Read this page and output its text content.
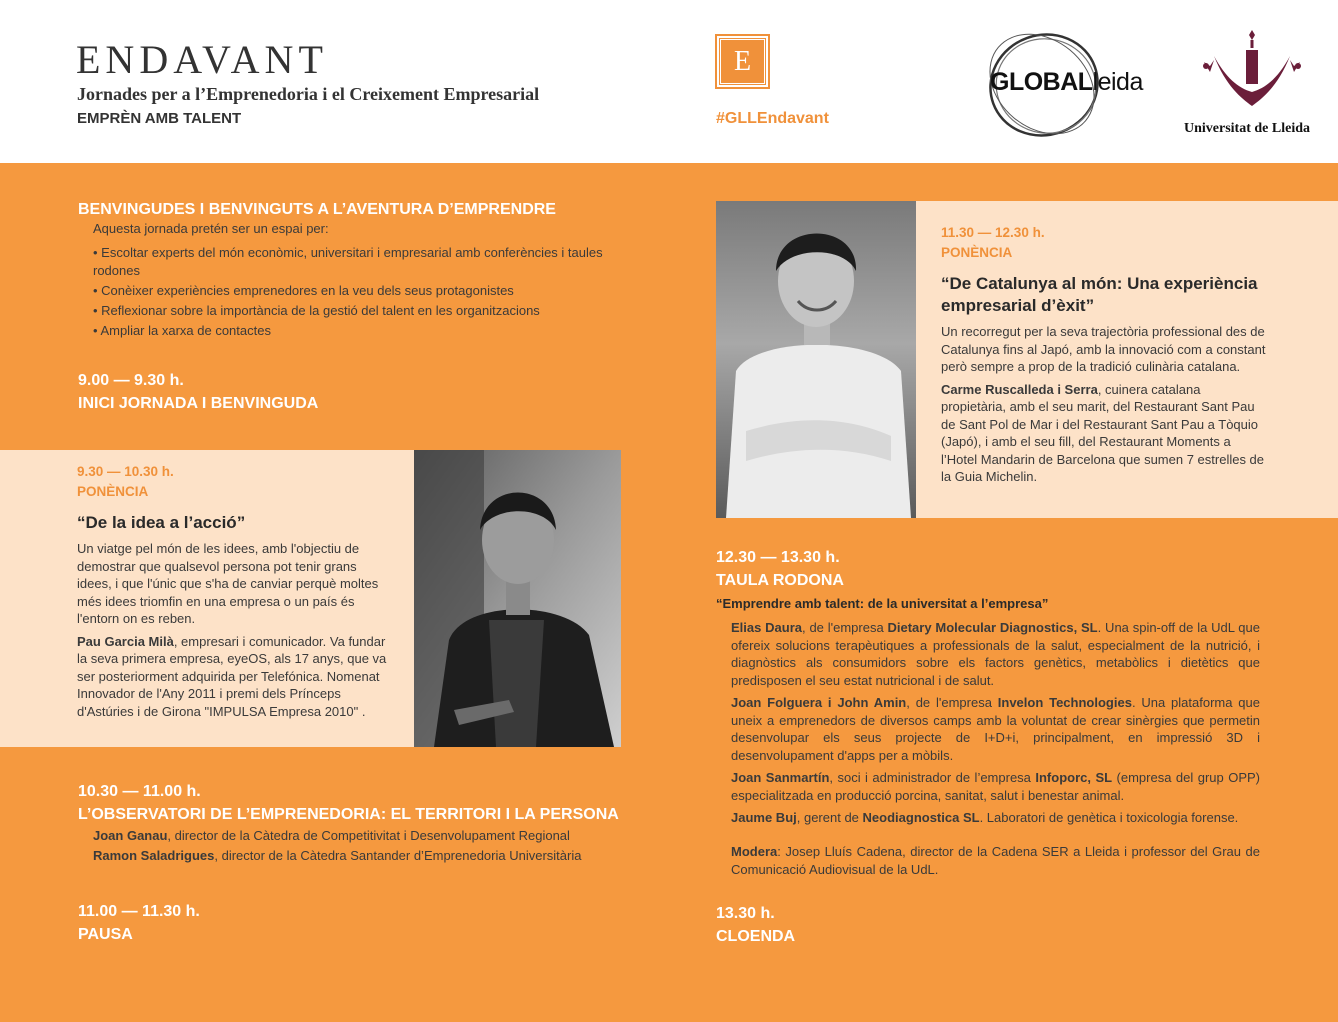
ENDAVANT
Jornades per a l’Emprenedoria i el Creixement Empresarial
EMPRÈN AMB TALENT
E
#GLLEndavant
GLOBALleida
Universitat de Lleida
BENVINGUDES I BENVINGUTS A L’AVENTURA D’EMPRENDRE
Aquesta jornada pretén ser un espai per:
• Escoltar experts del món econòmic, universitari i empresarial amb conferències i taules rodones
• Conèixer experiències emprenedores en la veu dels seus protagonistes
• Reflexionar sobre la importància de la gestió del talent en les organitzacions
• Ampliar la xarxa de contactes
9.00 — 9.30 h.
INICI JORNADA I BENVINGUDA
9.30 — 10.30 h.
PONÈNCIA
“De la idea a l’acció”
Un viatge pel món de les idees, amb l'objectiu de demostrar que qualsevol persona pot tenir grans idees, i que l'únic que s'ha de canviar perquè moltes més idees triomfin en una empresa o un país és l'entorn on es reben.
Pau Garcia Milà, empresari i comunicador. Va fundar la seva primera empresa, eyeOS, als 17 anys, que va ser posteriorment adquirida per Telefónica. Nomenat Innovador de l'Any 2011 i premi dels Prínceps d'Astúries i de Girona "IMPULSA Empresa 2010" .
10.30 — 11.00 h.
L’OBSERVATORI DE L’EMPRENEDORIA: EL TERRITORI I LA PERSONA
Joan Ganau, director de la Càtedra de Competitivitat i Desenvolupament Regional
Ramon Saladrigues, director de la Càtedra Santander d’Emprenedoria Universitària
11.00 — 11.30 h.
PAUSA
11.30 — 12.30 h.
PONÈNCIA
“De Catalunya al món: Una experiència empresarial d’èxit”
Un recorregut per la seva trajectòria professional des de Catalunya fins al Japó, amb la innovació com a constant però sempre a prop de la tradició culinària catalana.
Carme Ruscalleda i Serra, cuinera catalana propietària, amb el seu marit, del Restaurant Sant Pau de Sant Pol de Mar i del Restaurant Sant Pau a Tòquio (Japó), i amb el seu fill, del Restaurant Moments a l’Hotel Mandarin de Barcelona que sumen 7 estrelles de la Guia Michelin.
12.30 — 13.30 h.
TAULA RODONA
“Emprendre amb talent: de la universitat a l’empresa”
Elias Daura, de l'empresa Dietary Molecular Diagnostics, SL. Una spin-off de la UdL que ofereix solucions terapèutiques a professionals de la salut, especialment de la nutrició, i diagnòstics als consumidors sobre els factors genètics, metabòlics i dietètics que predisposen el seu estat nutricional i de salut.
Joan Folguera i John Amin, de l'empresa Invelon Technologies. Una plataforma que uneix a emprenedors de diversos camps amb la voluntat de crear sinèrgies que permetin desenvolupar els seus projecte de I+D+i, principalment, en impressió 3D i desenvolupament d'apps per a mòbils.
Joan Sanmartín, soci i administrador de l’empresa Infoporc, SL (empresa del grup OPP) especialitzada en producció porcina, sanitat, salut i benestar animal.
Jaume Buj, gerent de Neodiagnostica SL. Laboratori de genètica i toxicologia forense.
Modera: Josep Lluís Cadena, director de la Cadena SER a Lleida i professor del Grau de Comunicació Audiovisual de la UdL.
13.30 h.
CLOENDA
